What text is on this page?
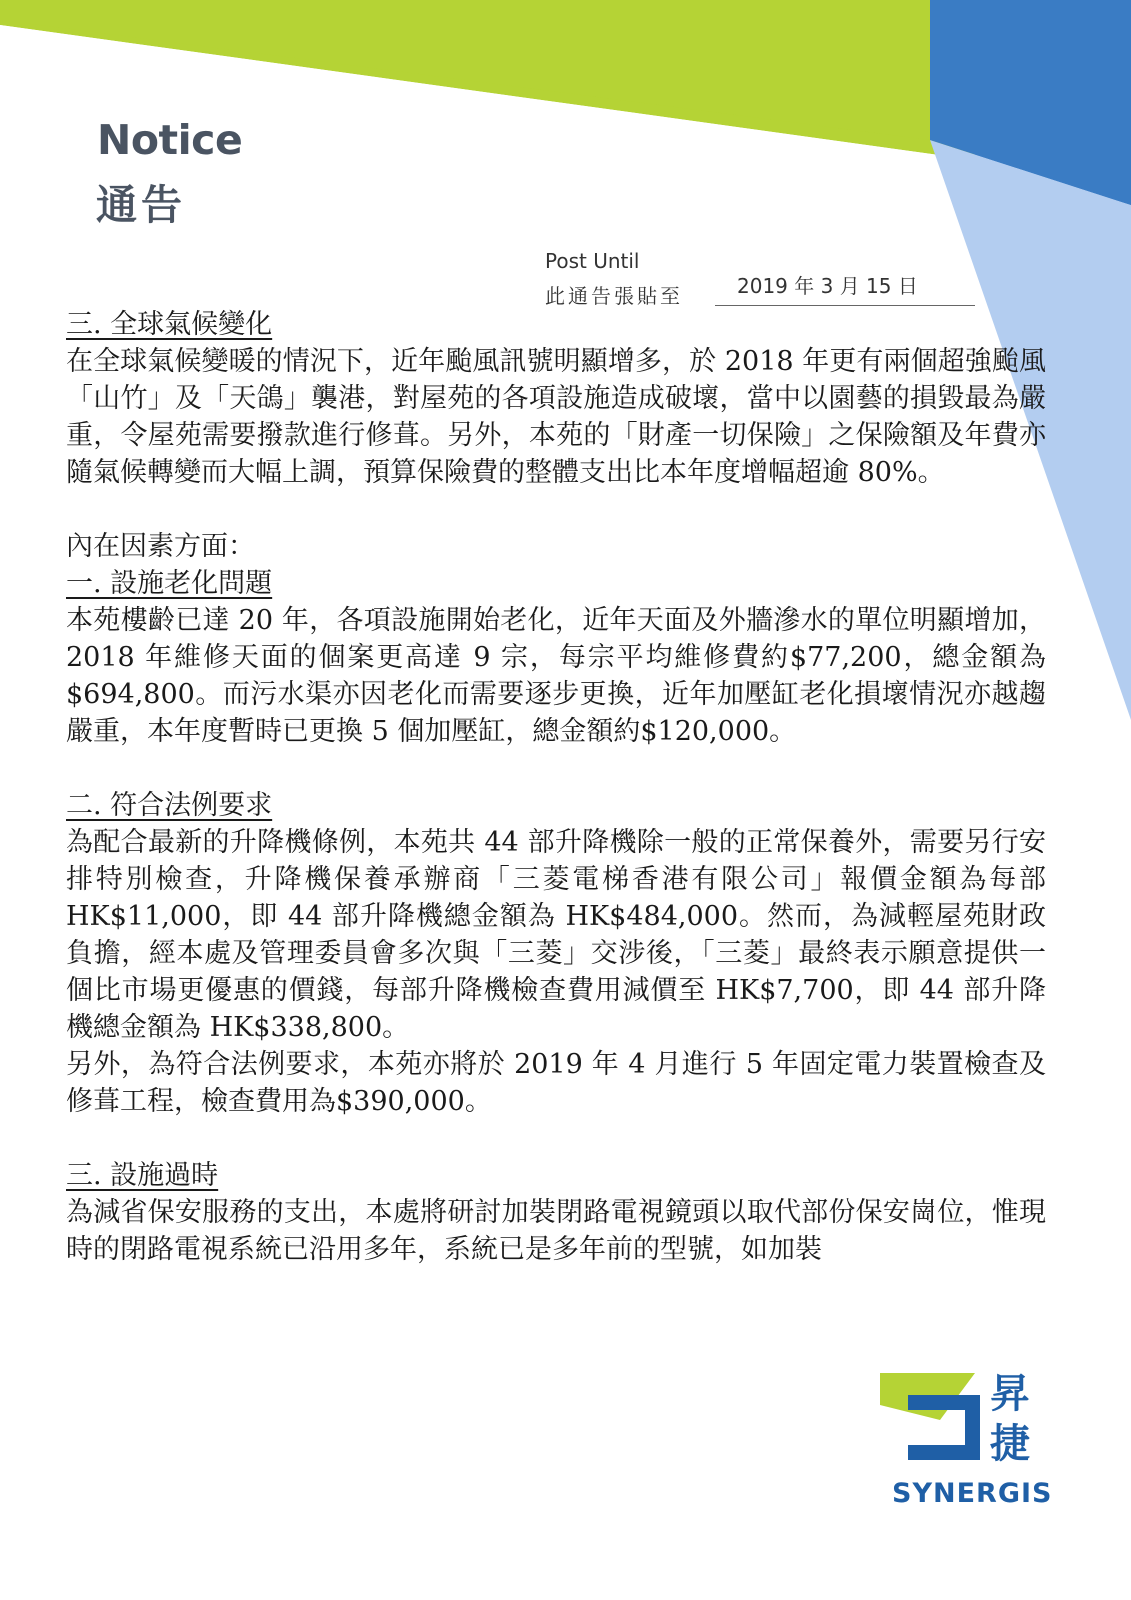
Notice
通告
Post Until
此通告張貼至	2019 年 3 月 15 日

三. 全球氣候變化

在全球氣候變暖的情況下，近年颱風訊號明顯增多，於 2018 年更有兩個超強颱風「山竹」及「天鴿」襲港，對屋苑的各項設施造成破壞，當中以園藝的損毀最為嚴重，令屋苑需要撥款進行修葺。另外，本苑的「財產一切保險」之保險額及年費亦隨氣候轉變而大幅上調，預算保險費的整體支出比本年度增幅超逾 80%。

內在因素方面：

一. 設施老化問題

本苑樓齡已達 20 年，各項設施開始老化，近年天面及外牆滲水的單位明顯增加，2018 年維修天面的個案更高達 9 宗，每宗平均維修費約$77,200，總金額為$694,800。而污水渠亦因老化而需要逐步更換，近年加壓缸老化損壞情況亦越趨嚴重，本年度暫時已更換 5 個加壓缸，總金額約$120,000。

二. 符合法例要求

為配合最新的升降機條例，本苑共 44 部升降機除一般的正常保養外，需要另行安排特別檢查，升降機保養承辦商「三菱電梯香港有限公司」報價金額為每部 HK$11,000，即 44 部升降機總金額為 HK$484,000。然而，為減輕屋苑財政負擔，經本處及管理委員會多次與「三菱」交涉後，「三菱」最終表示願意提供一個比市場更優惠的價錢，每部升降機檢查費用減價至 HK$7,700，即 44 部升降機總金額為 HK$338,800。

另外，為符合法例要求，本苑亦將於 2019 年 4 月進行 5 年固定電力裝置檢查及修葺工程，檢查費用為$390,000。

三. 設施過時

為減省保安服務的支出，本處將研討加裝閉路電視鏡頭以取代部份保安崗位，惟現時的閉路電視系統已沿用多年，系統已是多年前的型號，如加裝

昇
捷
SYNERGIS
